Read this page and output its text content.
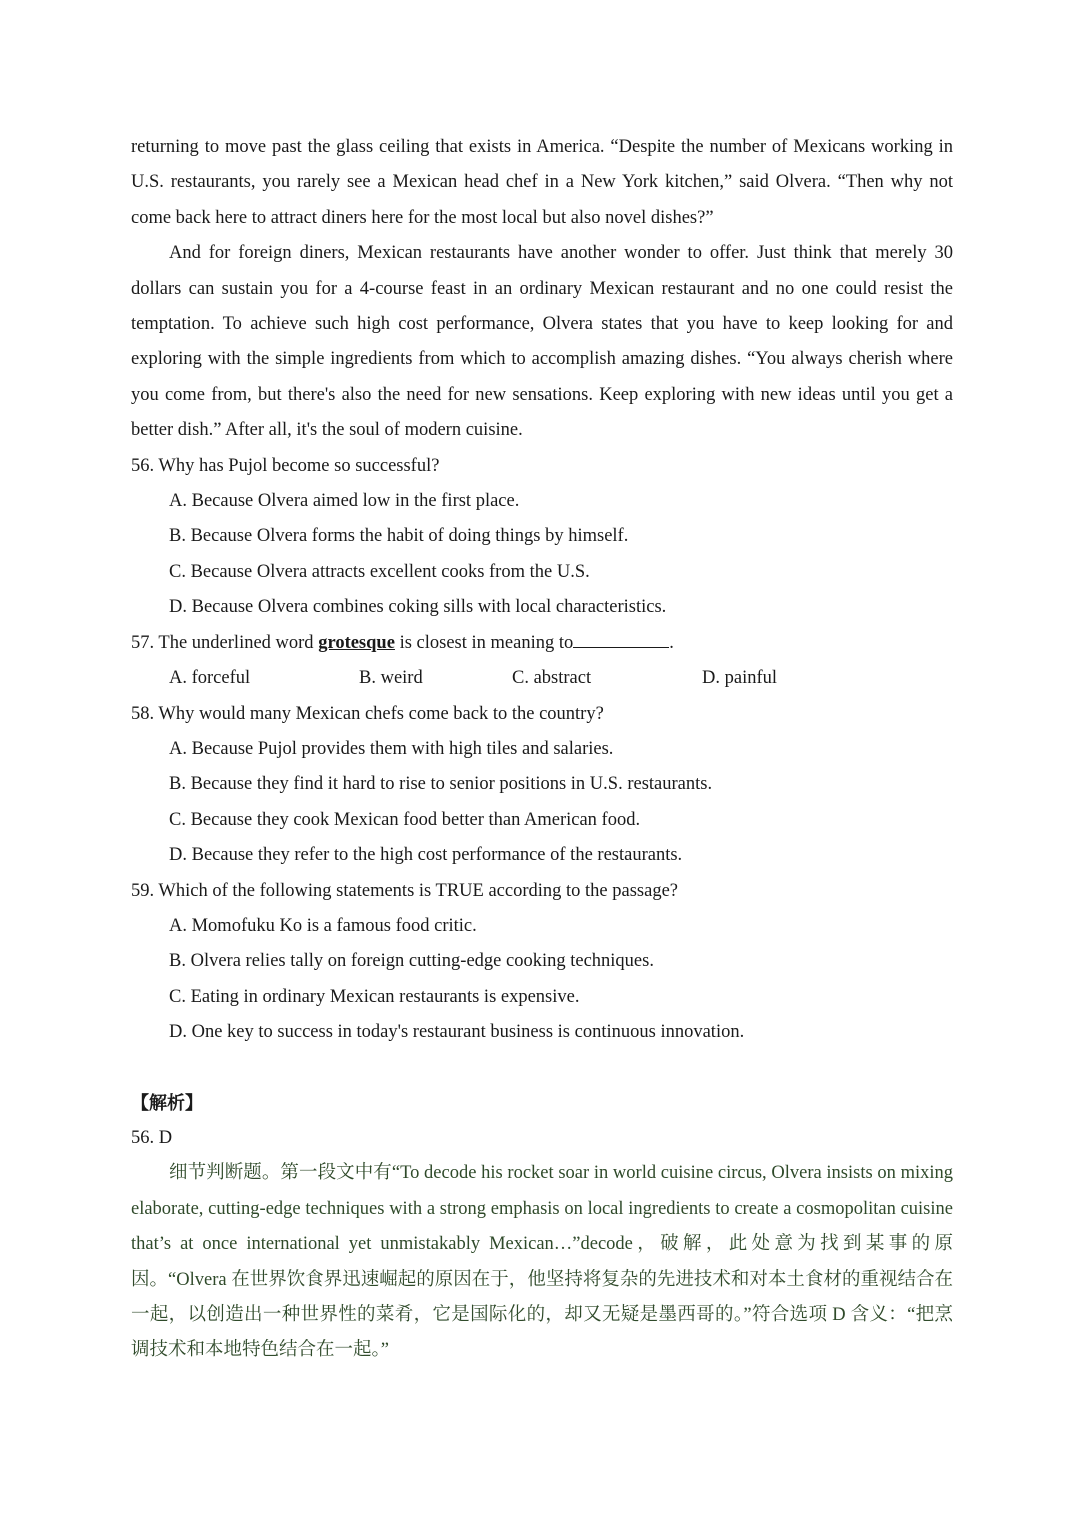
returning to move past the glass ceiling that exists in America. “Despite the number of Mexicans working in U.S. restaurants, you rarely see a Mexican head chef in a New York kitchen,” said Olvera. “Then why not come back here to attract diners here for the most local but also novel dishes?”

And for foreign diners, Mexican restaurants have another wonder to offer. Just think that merely 30 dollars can sustain you for a 4-course feast in an ordinary Mexican restaurant and no one could resist the temptation. To achieve such high cost performance, Olvera states that you have to keep looking for and exploring with the simple ingredients from which to accomplish amazing dishes. “You always cherish where you come from, but there's also the need for new sensations. Keep exploring with new ideas until you get a better dish.” After all, it's the soul of modern cuisine.

56. Why has Pujol become so successful?

A. Because Olvera aimed low in the first place.

B. Because Olvera forms the habit of doing things by himself.

C. Because Olvera attracts excellent cooks from the U.S.

D. Because Olvera combines coking sills with local characteristics.

57. The underlined word grotesque is closest in meaning to	.

A. forceful	B. weird	C. abstract	D. painful

58. Why would many Mexican chefs come back to the country?

A. Because Pujol provides them with high tiles and salaries.

B. Because they find it hard to rise to senior positions in U.S. restaurants.

C. Because they cook Mexican food better than American food.

D. Because they refer to the high cost performance of the restaurants.

59. Which of the following statements is TRUE according to the passage?

A. Momofuku Ko is a famous food critic.

B. Olvera relies tally on foreign cutting-edge cooking techniques.

C. Eating in ordinary Mexican restaurants is expensive.

D. One key to success in today's restaurant business is continuous innovation.

【解析】

56. D

细节判断题。第一段文中有“To decode his rocket soar in world cuisine circus, Olvera insists on mixing elaborate, cutting-edge techniques with a strong emphasis on local ingredients to create a cosmopolitan cuisine that’s at once international yet unmistakably Mexican…”decode，破解，此处意为找到某事的原因。“Olvera 在世界饮食界迅速崛起的原因在于，他坚持将复杂的先进技术和对本土食材的重视结合在一起，以创造出一种世界性的菜肴，它是国际化的，却又无疑是墨西哥的。”符合选项 D 含义：“把烹调技术和本地特色结合在一起。”
